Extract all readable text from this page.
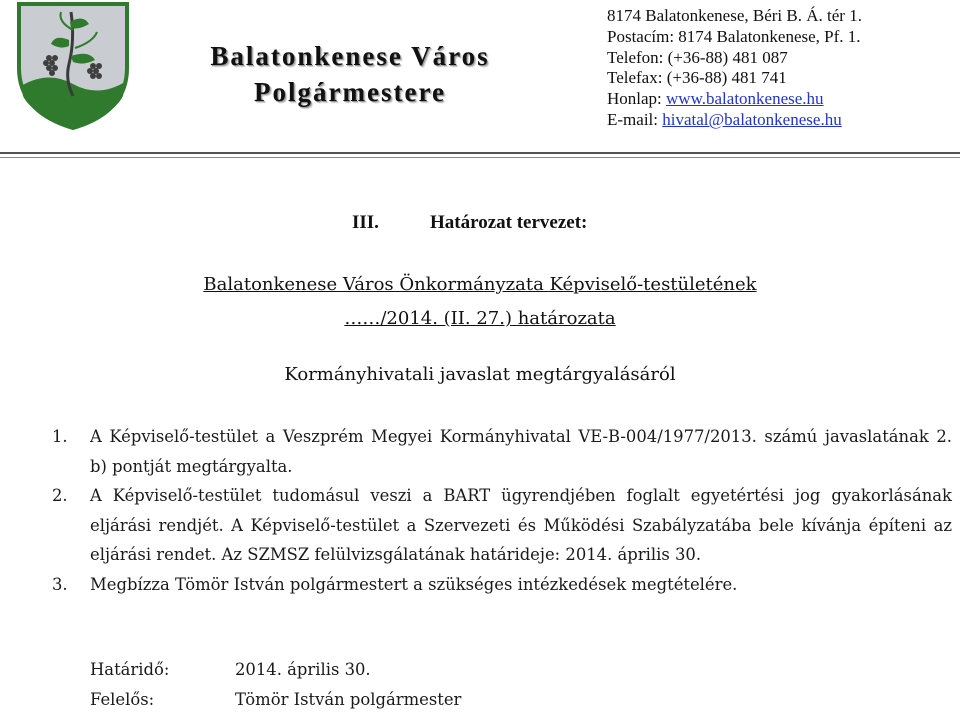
Balatonkenese Város
Polgármestere
8174 Balatonkenese, Béri B. Á. tér 1.
Postacím: 8174 Balatonkenese, Pf. 1.
Telefon: (+36-88) 481 087
Telefax: (+36-88) 481 741
Honlap: www.balatonkenese.hu
E-mail: hivatal@balatonkenese.hu
III.	Határozat tervezet:
Balatonkenese Város Önkormányzata Képviselő-testületének
……/2014. (II. 27.) határozata
Kormányhivatali javaslat megtárgyalásáról
1.	A Képviselő-testület a Veszprém Megyei Kormányhivatal VE-B-004/1977/2013. számú javaslatának 2. b) pontját megtárgyalta.
2.	A Képviselő-testület tudomásul veszi a BART ügyrendjében foglalt egyetértési jog gyakorlásának eljárási rendjét. A Képviselő-testület a Szervezeti és Működési Szabályzatába bele kívánja építeni az eljárási rendet. Az SZMSZ felülvizsgálatának határideje: 2014. április 30.
3.	Megbízza Tömör István polgármestert a szükséges intézkedések megtételére.
Határidő:	2014. április 30.
Felelős:	Tömör István polgármester
